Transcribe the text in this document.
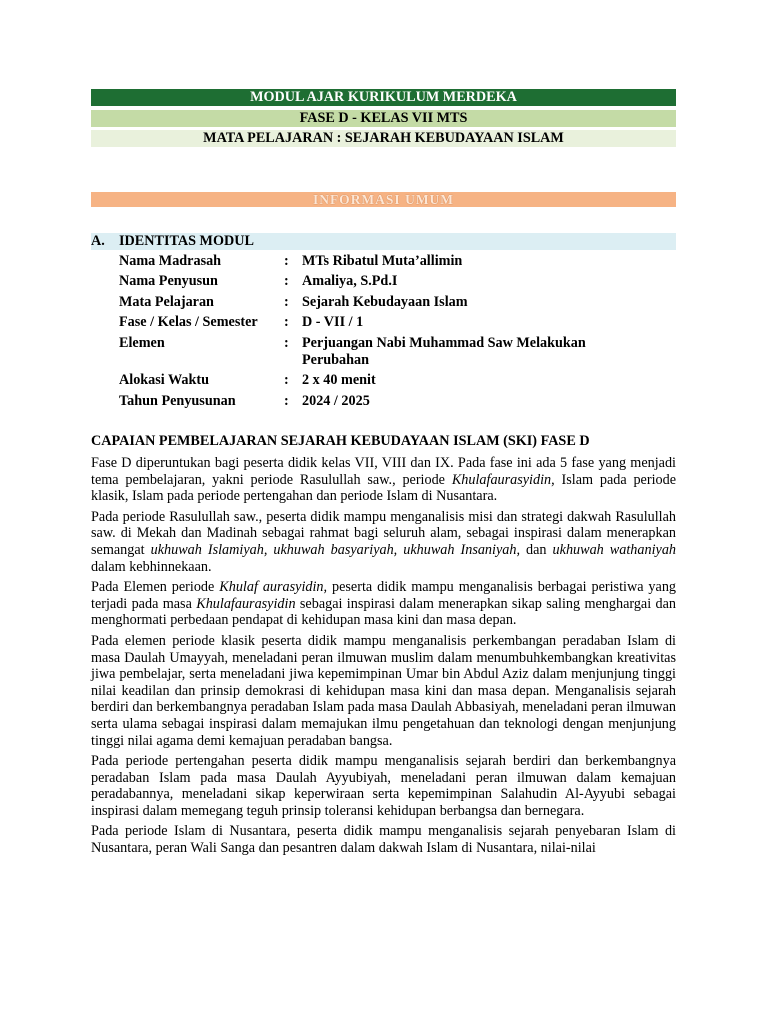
MODUL AJAR KURIKULUM MERDEKA
FASE D - KELAS VII MTS
MATA PELAJARAN : SEJARAH KEBUDAYAAN ISLAM
INFORMASI UMUM
A. IDENTITAS MODUL
Nama Madrasah	: MTs Ribatul Muta’allimin
Nama Penyusun	: Amaliya, S.Pd.I
Mata Pelajaran	: Sejarah Kebudayaan Islam
Fase / Kelas / Semester : D - VII / 1
Elemen	: Perjuangan Nabi Muhammad Saw Melakukan Perubahan
Alokasi Waktu	: 2 x 40 menit
Tahun Penyusunan	: 2024 / 2025
CAPAIAN PEMBELAJARAN SEJARAH KEBUDAYAAN ISLAM (SKI) FASE D

Fase D diperuntukan bagi peserta didik kelas VII, VIII dan IX. Pada fase ini ada 5 fase yang menjadi tema pembelajaran, yakni periode Rasulullah saw., periode Khulafaurasyidin, Islam pada periode klasik, Islam pada periode pertengahan dan periode Islam di Nusantara.

Pada periode Rasulullah saw., peserta didik mampu menganalisis misi dan strategi dakwah Rasulullah saw. di Mekah dan Madinah sebagai rahmat bagi seluruh alam, sebagai inspirasi dalam menerapkan semangat ukhuwah Islamiyah, ukhuwah basyariyah, ukhuwah Insaniyah, dan ukhuwah wathaniyah dalam kebhinnekaan.

Pada Elemen periode Khulaf aurasyidin, peserta didik mampu menganalisis berbagai peristiwa yang terjadi pada masa Khulafaurasyidin sebagai inspirasi dalam menerapkan sikap saling menghargai dan menghormati perbedaan pendapat di kehidupan masa kini dan masa depan.

Pada elemen periode klasik peserta didik mampu menganalisis perkembangan peradaban Islam di masa Daulah Umayyah, meneladani peran ilmuwan muslim dalam menumbuhkembangkan kreativitas jiwa pembelajar, serta meneladani jiwa kepemimpinan Umar bin Abdul Aziz dalam menjunjung tinggi nilai keadilan dan prinsip demokrasi di kehidupan masa kini dan masa depan. Menganalisis sejarah berdiri dan berkembangnya peradaban Islam pada masa Daulah Abbasiyah, meneladani peran ilmuwan serta ulama sebagai inspirasi dalam memajukan ilmu pengetahuan dan teknologi dengan menjunjung tinggi nilai agama demi kemajuan peradaban bangsa.

Pada periode pertengahan peserta didik mampu menganalisis sejarah berdiri dan berkembangnya peradaban Islam pada masa Daulah Ayyubiyah, meneladani peran ilmuwan dalam kemajuan peradabannya, meneladani sikap keperwiraan serta kepemimpinan Salahudin Al-Ayyubi sebagai inspirasi dalam memegang teguh prinsip toleransi kehidupan berbangsa dan bernegara.

Pada periode Islam di Nusantara, peserta didik mampu menganalisis sejarah penyebaran Islam di Nusantara, peran Wali Sanga dan pesantren dalam dakwah Islam di Nusantara, nilai-nilai
